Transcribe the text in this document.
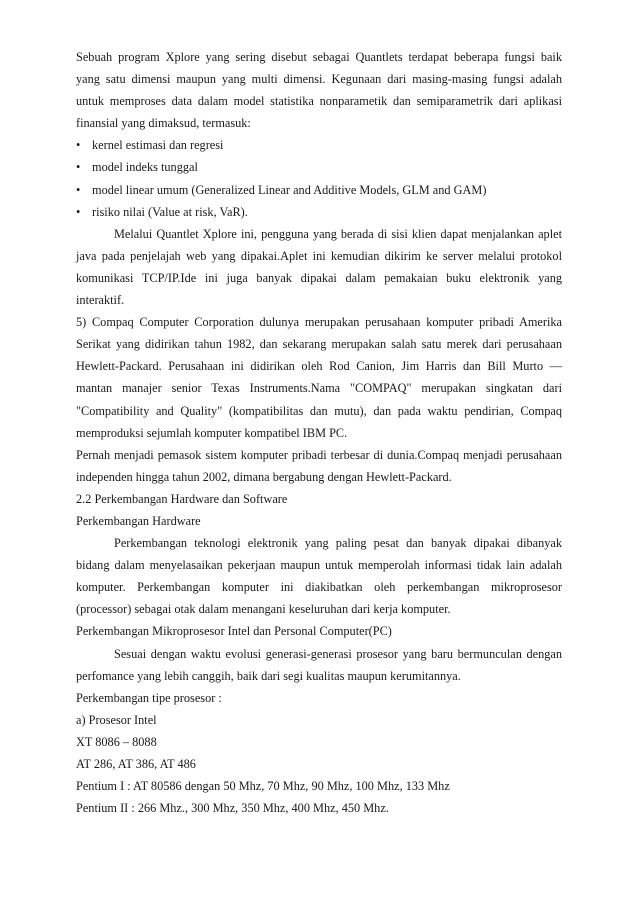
Sebuah program Xplore yang sering disebut sebagai Quantlets terdapat beberapa fungsi baik
yang satu dimensi maupun yang multi dimensi. Kegunaan dari masing-masing fungsi adalah
untuk memproses data dalam model statistika nonparametik dan semiparametrik dari aplikasi
finansial yang dimaksud, termasuk:
• kernel estimasi dan regresi
• model indeks tunggal
• model linear umum (Generalized Linear and Additive Models, GLM and GAM)
• risiko nilai (Value at risk, VaR).
Melalui Quantlet Xplore ini, pengguna yang berada di sisi klien dapat menjalankan aplet
java pada penjelajah web yang dipakai.Aplet ini kemudian dikirim ke server melalui protokol
komunikasi TCP/IP.Ide ini juga banyak dipakai dalam pemakaian buku elektronik yang
interaktif.
5) Compaq Computer Corporation dulunya merupakan perusahaan komputer pribadi Amerika
Serikat yang didirikan tahun 1982, dan sekarang merupakan salah satu merek dari perusahaan
Hewlett-Packard. Perusahaan ini didirikan oleh Rod Canion, Jim Harris dan Bill Murto —
mantan manajer senior Texas Instruments.Nama "COMPAQ" merupakan singkatan dari
"Compatibility and Quality" (kompatibilitas dan mutu), dan pada waktu pendirian, Compaq
memproduksi sejumlah komputer kompatibel IBM PC.
Pernah menjadi pemasok sistem komputer pribadi terbesar di dunia.Compaq menjadi perusahaan
independen hingga tahun 2002, dimana bergabung dengan Hewlett-Packard.
2.2 Perkembangan Hardware dan Software
Perkembangan Hardware
Perkembangan teknologi elektronik yang paling pesat dan banyak dipakai dibanyak
bidang dalam menyelasaikan pekerjaan maupun untuk memperolah informasi tidak lain adalah
komputer. Perkembangan komputer ini diakibatkan oleh perkembangan mikroprosesor
(processor) sebagai otak dalam menangani keseluruhan dari kerja komputer.
Perkembangan Mikroprosesor Intel dan Personal Computer(PC)
Sesuai dengan waktu evolusi generasi-generasi prosesor yang baru bermunculan dengan
perfomance yang lebih canggih, baik dari segi kualitas maupun kerumitannya.
Perkembangan tipe prosesor :
a) Prosesor Intel
XT 8086 – 8088
AT 286, AT 386, AT 486
Pentium I : AT 80586 dengan 50 Mhz, 70 Mhz, 90 Mhz, 100 Mhz, 133 Mhz
Pentium II : 266 Mhz., 300 Mhz, 350 Mhz, 400 Mhz, 450 Mhz.
